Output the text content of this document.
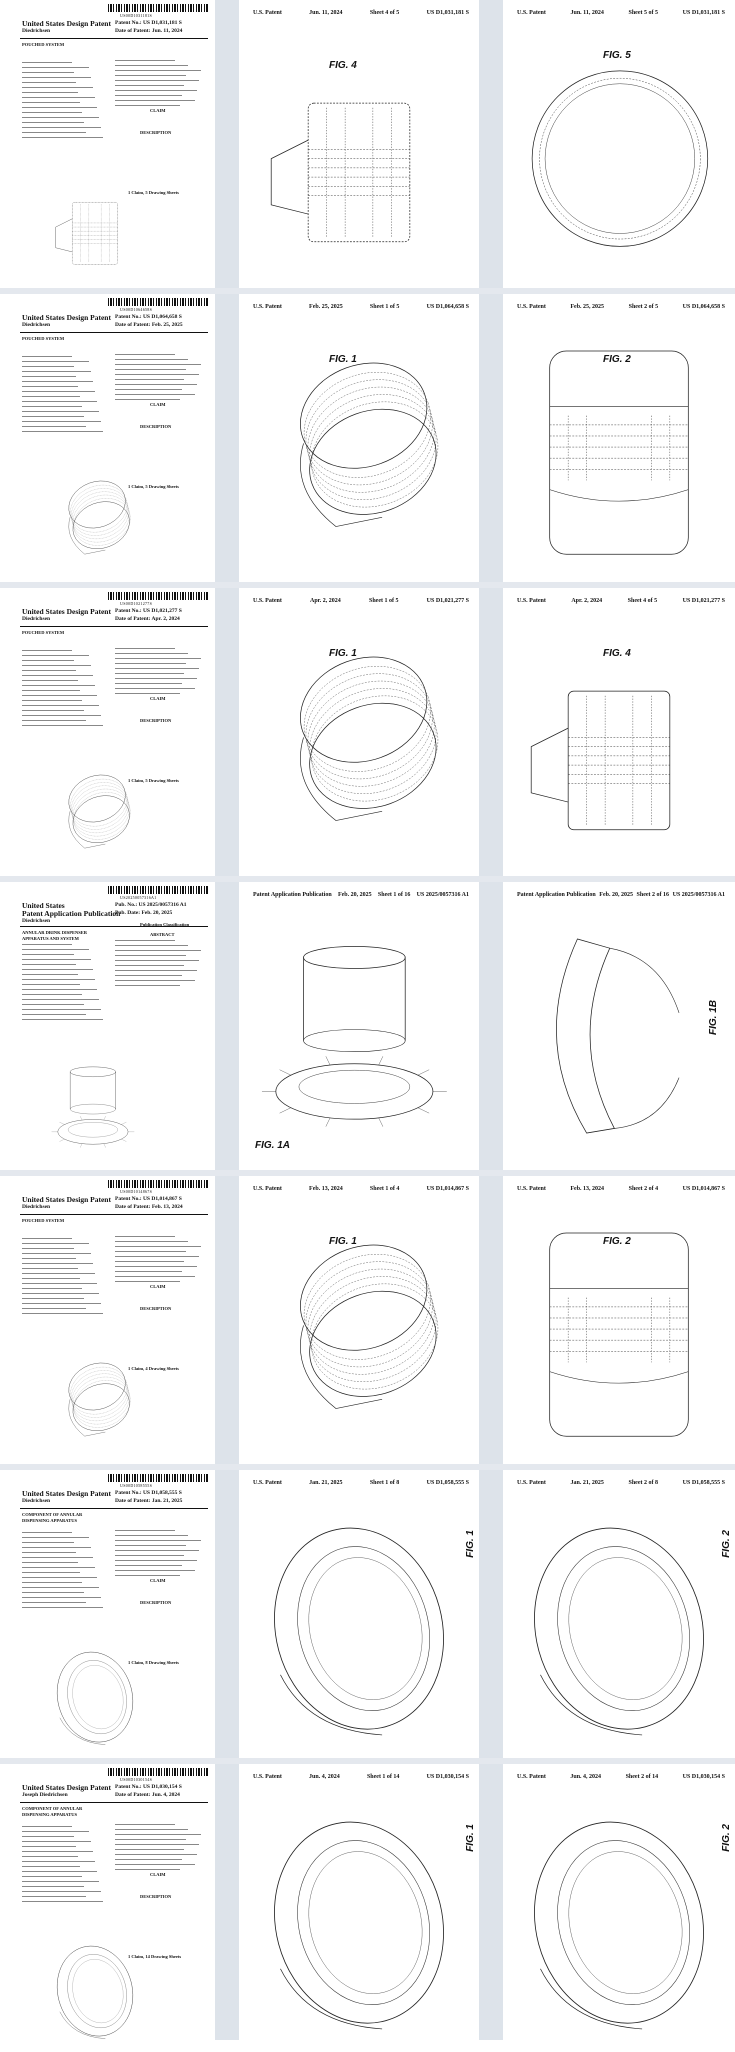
US00D1031181S
United States Design Patent
Diedrichsen
Patent No.: US D1,031,181 S
Date of Patent: Jun. 11, 2024
POUCHED SYSTEM
CLAIM
DESCRIPTION
1 Claim, 5 Drawing Sheets
U.S. Patent	Jun. 11, 2024	Sheet 4 of 5	US D1,031,181 S
FIG. 4
U.S. Patent	Jun. 11, 2024	Sheet 5 of 5	US D1,031,181 S
FIG. 5
US00D1064658S
United States Design Patent
Diedrichsen
Patent No.: US D1,064,658 S
Date of Patent: Feb. 25, 2025
POUCHED SYSTEM
CLAIM
DESCRIPTION
1 Claim, 5 Drawing Sheets
U.S. Patent	Feb. 25, 2025	Sheet 1 of 5	US D1,064,658 S
FIG. 1
U.S. Patent	Feb. 25, 2025	Sheet 2 of 5	US D1,064,658 S
FIG. 2
US00D1021277S
United States Design Patent
Diedrichsen
Patent No.: US D1,021,277 S
Date of Patent: Apr. 2, 2024
POUCHED SYSTEM
CLAIM
DESCRIPTION
1 Claim, 5 Drawing Sheets
U.S. Patent	Apr. 2, 2024	Sheet 1 of 5	US D1,021,277 S
FIG. 1
U.S. Patent	Apr. 2, 2024	Sheet 4 of 5	US D1,021,277 S
FIG. 4
US20250057316A1
United States
Patent Application Publication
Diedrichsen
Pub. No.: US 2025/0057316 A1
Pub. Date: Feb. 20, 2025
ANNULAR DRINK DISPENSER APPARATUS AND SYSTEM
ABSTRACT
Publication Classification
Patent Application Publication Feb. 20, 2025 Sheet 1 of 16 US 2025/0057316 A1
FIG. 1A
Patent Application Publication Feb. 20, 2025 Sheet 2 of 16 US 2025/0057316 A1
FIG. 1B
US00D1014867S
United States Design Patent
Diedrichsen
Patent No.: US D1,014,867 S
Date of Patent: Feb. 13, 2024
POUCHED SYSTEM
CLAIM
DESCRIPTION
1 Claim, 4 Drawing Sheets
U.S. Patent	Feb. 13, 2024	Sheet 1 of 4	US D1,014,867 S
FIG. 1
U.S. Patent	Feb. 13, 2024	Sheet 2 of 4	US D1,014,867 S
FIG. 2
US00D1058555S
United States Design Patent
Diedrichsen
Patent No.: US D1,058,555 S
Date of Patent: Jan. 21, 2025
COMPONENT OF ANNULAR DISPENSING APPARATUS
CLAIM
DESCRIPTION
1 Claim, 8 Drawing Sheets
U.S. Patent	Jan. 21, 2025	Sheet 1 of 8	US D1,058,555 S
FIG. 1
U.S. Patent	Jan. 21, 2025	Sheet 2 of 8	US D1,058,555 S
FIG. 2
US00D1030154S
United States Design Patent
Joseph Diedrichsen
Patent No.: US D1,030,154 S
Date of Patent: Jun. 4, 2024
COMPONENT OF ANNULAR DISPENSING APPARATUS
CLAIM
DESCRIPTION
1 Claim, 14 Drawing Sheets
U.S. Patent	Jun. 4, 2024	Sheet 1 of 14	US D1,030,154 S
FIG. 1
U.S. Patent	Jun. 4, 2024	Sheet 2 of 14	US D1,030,154 S
FIG. 2
